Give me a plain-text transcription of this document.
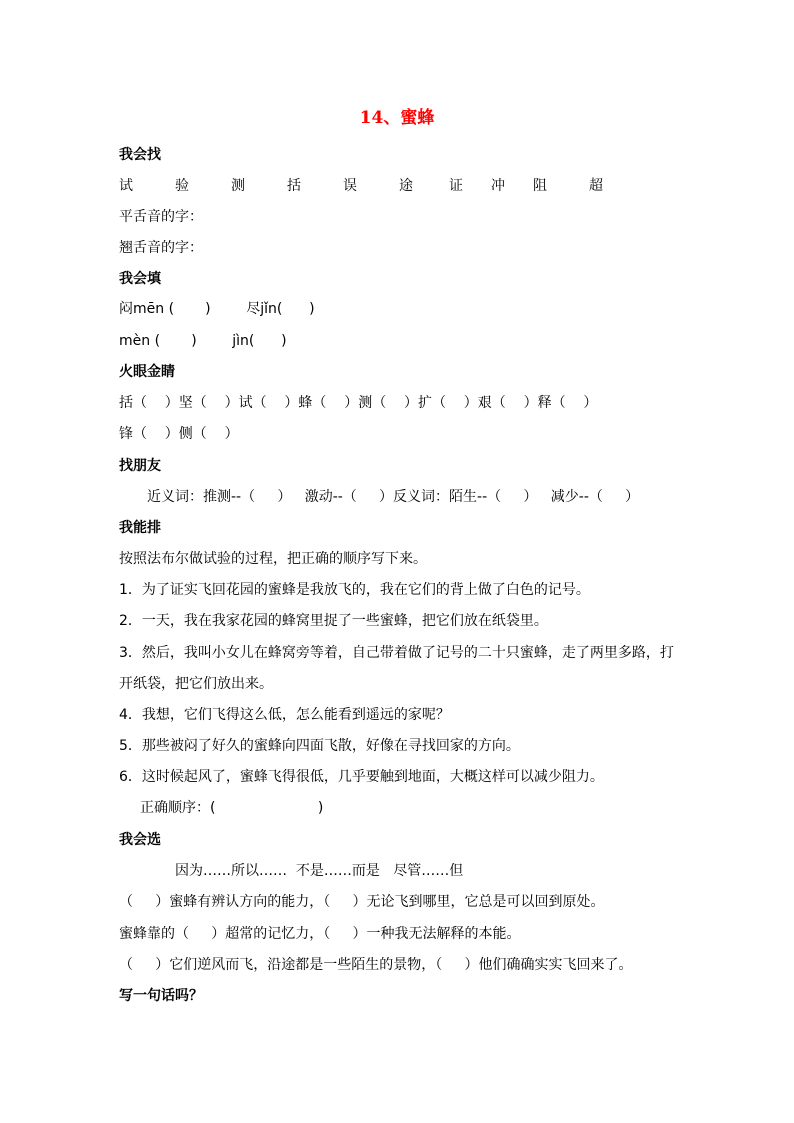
14、蜜蜂
我会找
试	验	测	括	误	途	证 冲 阻	超
平舌音的字：
翘舌音的字：
我会填
闷mēn (       )        尽jǐn(      )
mèn (       )        jìn(      )
火眼金睛
括（    ）坚（    ）试（    ）蜂（    ）测（    ）扩（    ）艰（    ）释（    ）
锋（    ）侧（    ）
找朋友
近义词：推测--（     ）   激动--（     ）反义词：陌生--（     ）   减少--（     ）
我能排
按照法布尔做试验的过程，把正确的顺序写下来。
1．为了证实飞回花园的蜜蜂是我放飞的，我在它们的背上做了白色的记号。
2．一天，我在我家花园的蜂窝里捉了一些蜜蜂，把它们放在纸袋里。
3．然后，我叫小女儿在蜂窝旁等着，自己带着做了记号的二十只蜜蜂，走了两里多路，打
开纸袋，把它们放出来。
4．我想，它们飞得这么低，怎么能看到遥远的家呢？
5．那些被闷了好久的蜜蜂向四面飞散，好像在寻找回家的方向。
6．这时候起风了，蜜蜂飞得很低，几乎要触到地面，大概这样可以减少阻力。
正确顺序：(                       )
我会选
因为……所以……  不是……而是   尽管……但
（     ）蜜蜂有辨认方向的能力，（     ）无论飞到哪里，它总是可以回到原处。
蜜蜂靠的（     ）超常的记忆力，（     ）一种我无法解释的本能。
（     ）它们逆风而飞，沿途都是一些陌生的景物，（     ）他们确确实实飞回来了。
写一句话吗？
